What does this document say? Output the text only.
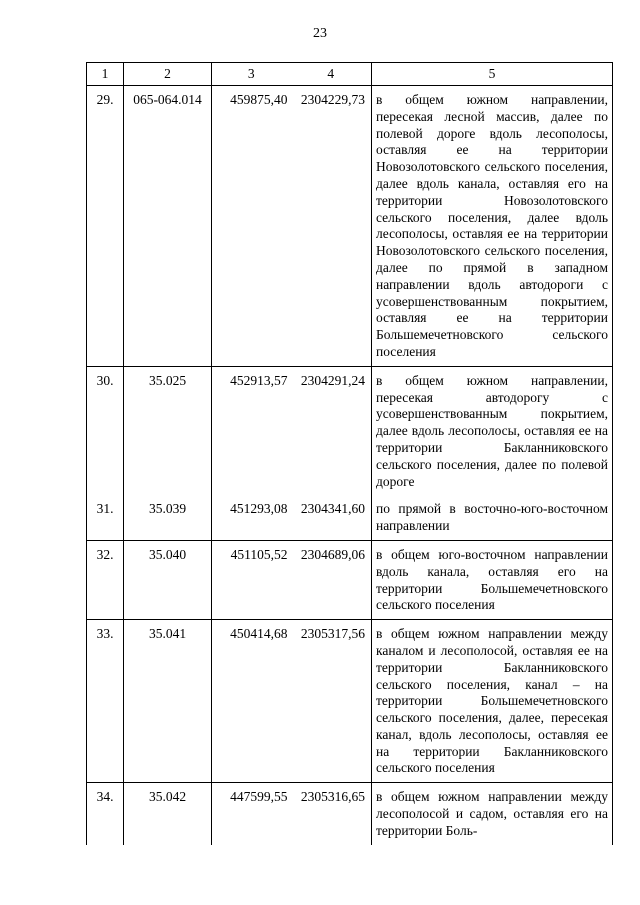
23
1	2	3	4	5
29.	065-064.014	459875,40	2304229,73	в общем южном направлении, пересекая лесной массив, далее по полевой дороге вдоль лесополосы, оставляя ее на территории Новозолотовского сельского поселения, далее вдоль канала, оставляя его на территории Новозолотовского сельского поселения, далее вдоль лесополосы, оставляя ее на территории Новозолотовского сельского поселения, далее по прямой в западном направлении вдоль автодороги с усовершенствованным покрытием, оставляя ее на территории Большемечетновского сельского поселения
30.	35.025	452913,57	2304291,24	в общем южном направлении, пересекая автодорогу с усовершенствованным покрытием, далее вдоль лесополосы, оставляя ее на территории Бакланниковского сельского поселения, далее по полевой дороге
31.	35.039	451293,08	2304341,60	по прямой в восточно-юго-восточном направлении
32.	35.040	451105,52	2304689,06	в общем юго-восточном направлении вдоль канала, оставляя его на территории Большемечетновского сельского поселения
33.	35.041	450414,68	2305317,56	в общем южном направлении между каналом и лесополосой, оставляя ее на территории Бакланниковского сельского поселения, канал – на территории Большемечетновского сельского поселения, далее, пересекая канал, вдоль лесополосы, оставляя ее на территории Бакланниковского сельского поселения
34.	35.042	447599,55	2305316,65	в общем южном направлении между лесополосой и садом, оставляя его на территории Боль-
